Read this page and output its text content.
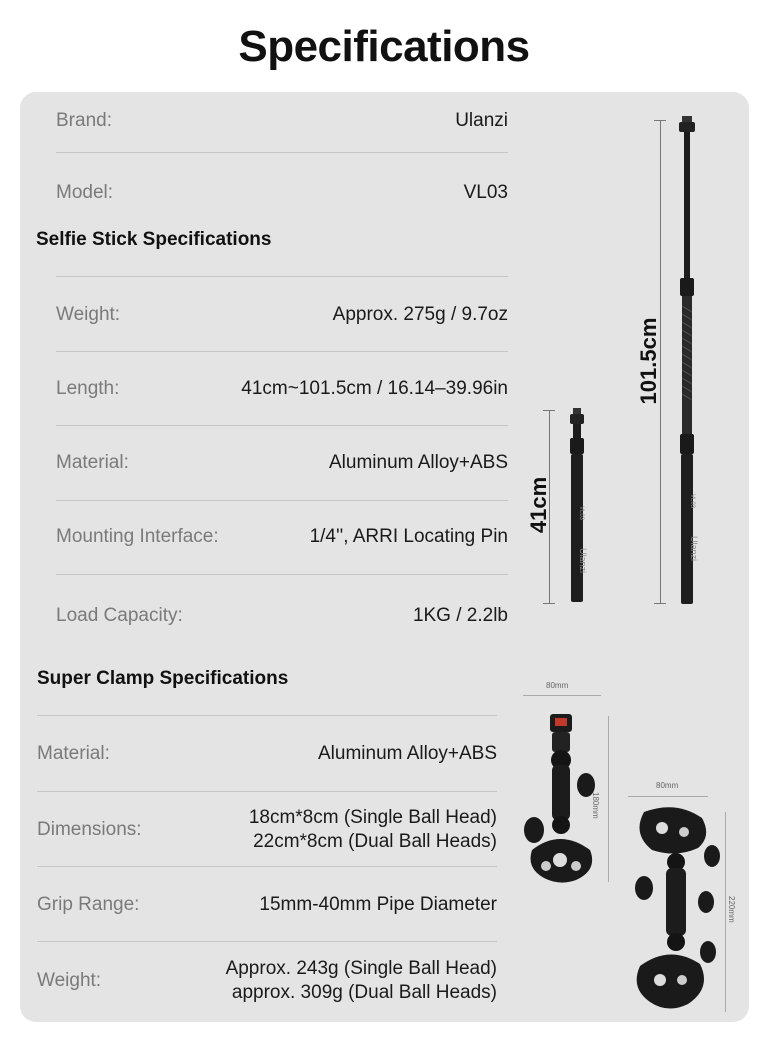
Specifications
Brand:	Ulanzi
Model:	VL03
Selfie Stick Specifications
Weight:	Approx. 275g / 9.7oz
Length:	41cm~101.5cm / 16.14–39.96in
Material:	Aluminum Alloy+ABS
Mounting Interface:	1/4'', ARRI Locating Pin
Load Capacity:	1KG / 2.2lb
Super Clamp Specifications
Material:	Aluminum Alloy+ABS
Dimensions:
18cm*8cm (Single Ball Head)
22cm*8cm (Dual Ball Heads)
Grip Range:	15mm-40mm Pipe Diameter
Weight:
Approx. 243g (Single Ball Head)
approx. 309g (Dual Ball Heads)
101.5cm
Ulanzi
VL03
41cm
Ulanzi
VL03
80mm
180mm
80mm
220mm
